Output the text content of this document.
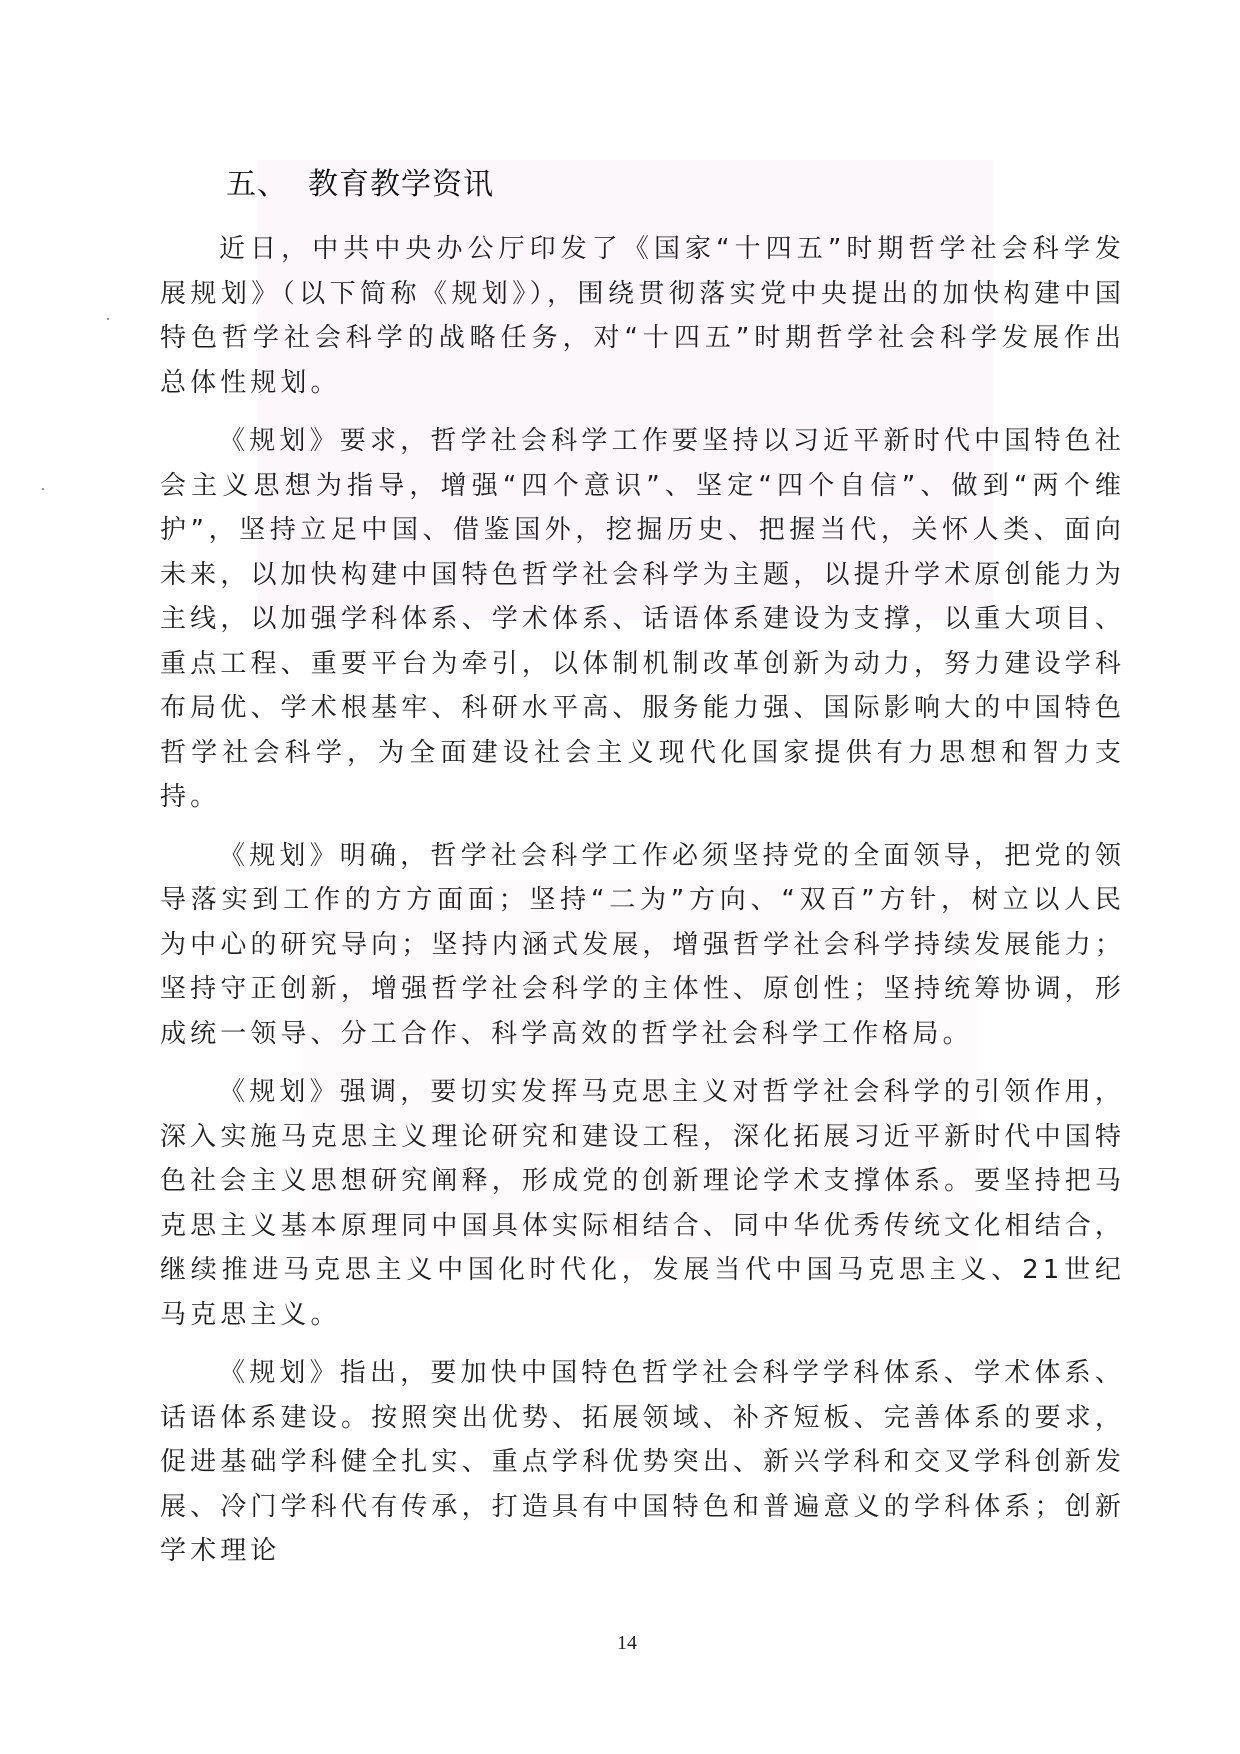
五、 教育教学资讯

近日，中共中央办公厅印发了《国家“十四五”时期哲学社会科学发展规划》（以下简称《规划》），围绕贯彻落实党中央提出的加快构建中国特色哲学社会科学的战略任务，对“十四五”时期哲学社会科学发展作出总体性规划。

《规划》要求，哲学社会科学工作要坚持以习近平新时代中国特色社会主义思想为指导，增强“四个意识”、坚定“四个自信”、做到“两个维护”，坚持立足中国、借鉴国外，挖掘历史、把握当代，关怀人类、面向未来，以加快构建中国特色哲学社会科学为主题，以提升学术原创能力为主线，以加强学科体系、学术体系、话语体系建设为支撑，以重大项目、重点工程、重要平台为牵引，以体制机制改革创新为动力，努力建设学科布局优、学术根基牢、科研水平高、服务能力强、国际影响大的中国特色哲学社会科学，为全面建设社会主义现代化国家提供有力思想和智力支持。

《规划》明确，哲学社会科学工作必须坚持党的全面领导，把党的领导落实到工作的方方面面；坚持“二为”方向、“双百”方针，树立以人民为中心的研究导向；坚持内涵式发展，增强哲学社会科学持续发展能力；坚持守正创新，增强哲学社会科学的主体性、原创性；坚持统筹协调，形成统一领导、分工合作、科学高效的哲学社会科学工作格局。

《规划》强调，要切实发挥马克思主义对哲学社会科学的引领作用，深入实施马克思主义理论研究和建设工程，深化拓展习近平新时代中国特色社会主义思想研究阐释，形成党的创新理论学术支撑体系。要坚持把马克思主义基本原理同中国具体实际相结合、同中华优秀传统文化相结合，继续推进马克思主义中国化时代化，发展当代中国马克思主义、21世纪马克思主义。

《规划》指出，要加快中国特色哲学社会科学学科体系、学术体系、话语体系建设。按照突出优势、拓展领域、补齐短板、完善体系的要求，促进基础学科健全扎实、重点学科优势突出、新兴学科和交叉学科创新发展、冷门学科代有传承，打造具有中国特色和普遍意义的学科体系；创新学术理论

14
